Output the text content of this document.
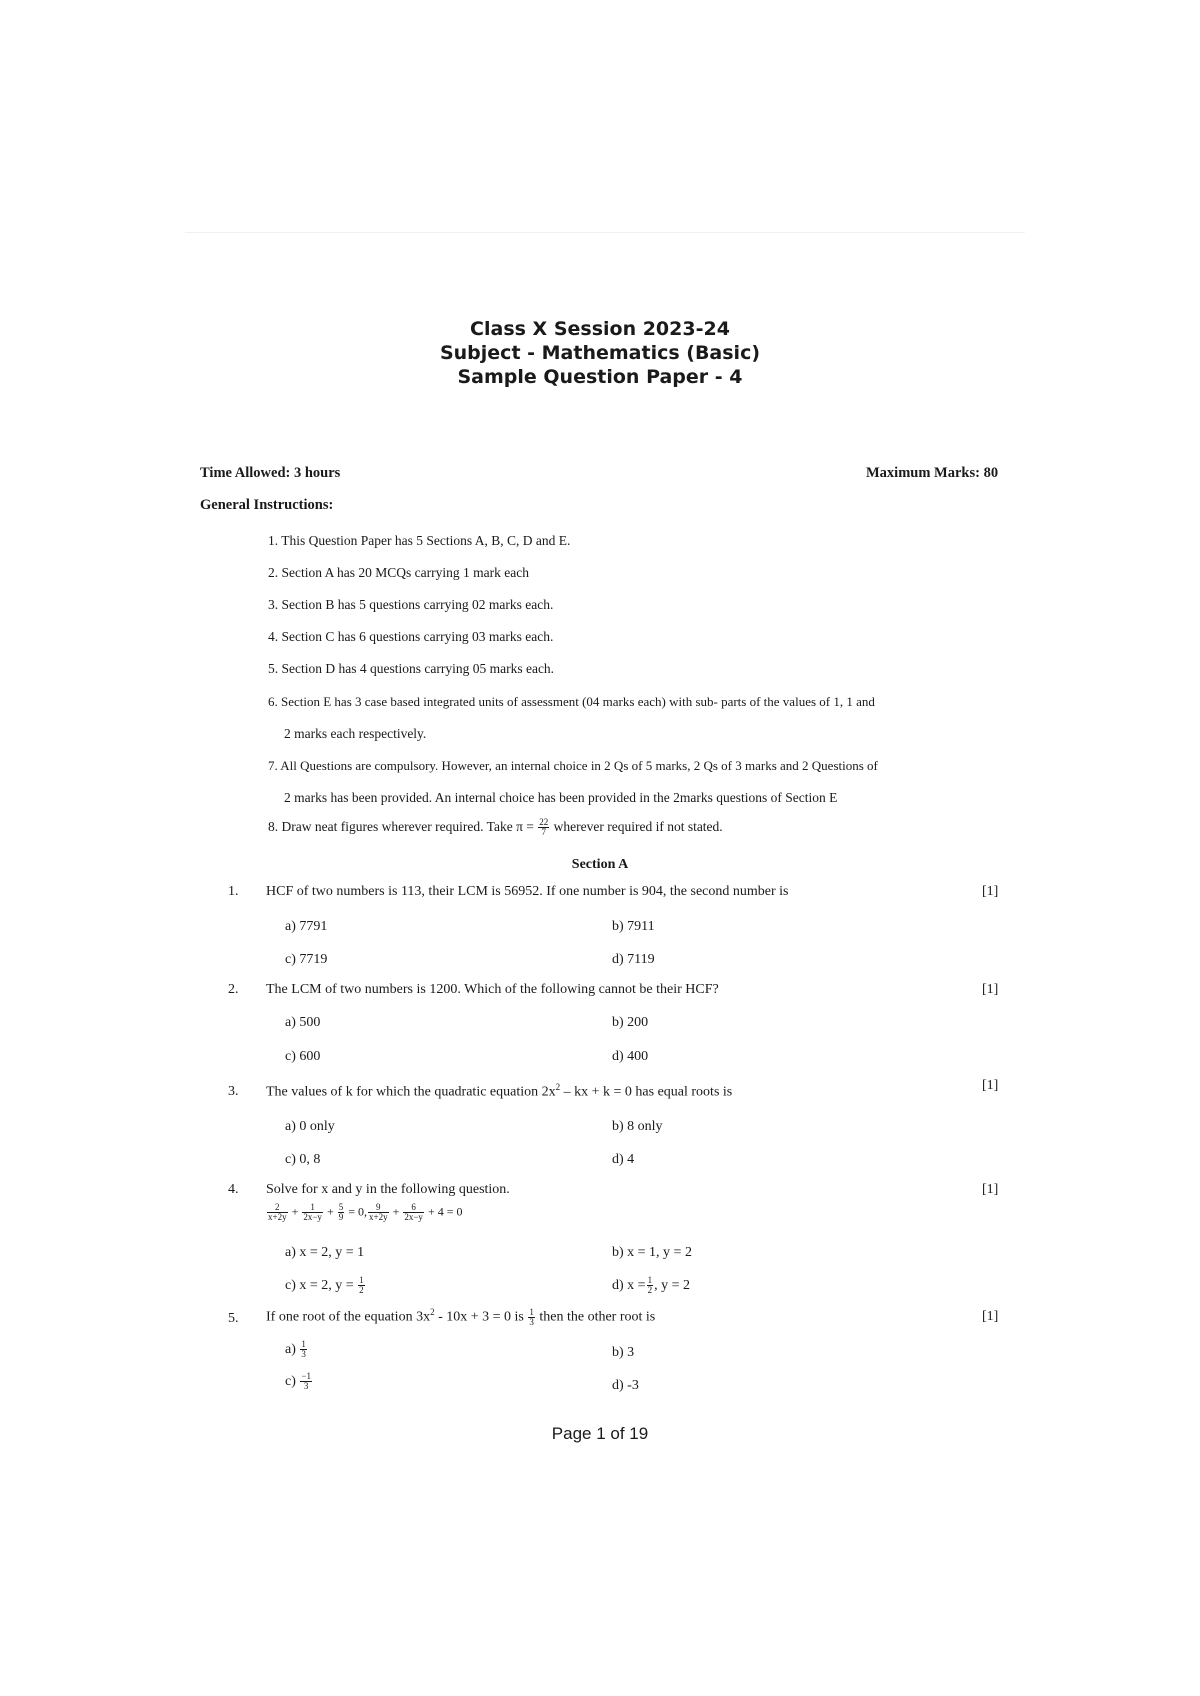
Class X Session 2023-24
Subject - Mathematics (Basic)
Sample Question Paper - 4
Time Allowed: 3 hours	Maximum Marks: 80
General Instructions:
1. This Question Paper has 5 Sections A, B, C, D and E.
2. Section A has 20 MCQs carrying 1 mark each
3. Section B has 5 questions carrying 02 marks each.
4. Section C has 6 questions carrying 03 marks each.
5. Section D has 4 questions carrying 05 marks each.
6. Section E has 3 case based integrated units of assessment (04 marks each) with sub- parts of the values of 1, 1 and
2 marks each respectively.
7. All Questions are compulsory. However, an internal choice in 2 Qs of 5 marks, 2 Qs of 3 marks and 2 Questions of
2 marks has been provided. An internal choice has been provided in the 2marks questions of Section E
8. Draw neat figures wherever required. Take $\pi = \frac{22}{7}$ wherever required if not stated.
Section A
1. HCF of two numbers is 113, their LCM is 56952. If one number is 904, the second number is	[1]
a) 7791	b) 7911
c) 7719	d) 7119
2. The LCM of two numbers is 1200. Which of the following cannot be their HCF?	[1]
a) 500	b) 200
c) 600	d) 400
3. The values of k for which the quadratic equation $2x^2$ – kx + k = 0 has equal roots is	[1]
a) 0 only	b) 8 only
c) 0, 8	d) 4
4. Solve for x and y in the following question.	[1]
$\frac{2}{x+2y} + \frac{1}{2x-y} + \frac{5}{9} = 0$, $\frac{9}{x+2y} + \frac{6}{2x-y} + 4 = 0$
a) x = 2, y = 1	b) x = 1, y = 2
c) x = 2, $y = \frac{1}{2}$	d) $x = \frac{1}{2}$ , y = 2
5. If one root of the equation $3x^2 - 10x + 3 = 0$ is $\frac{1}{3}$ then the other root is	[1]
$a) \frac{1}{3}$	b) 3
$c) \frac{-1}{3}$	d) -3
Page 1 of 19
